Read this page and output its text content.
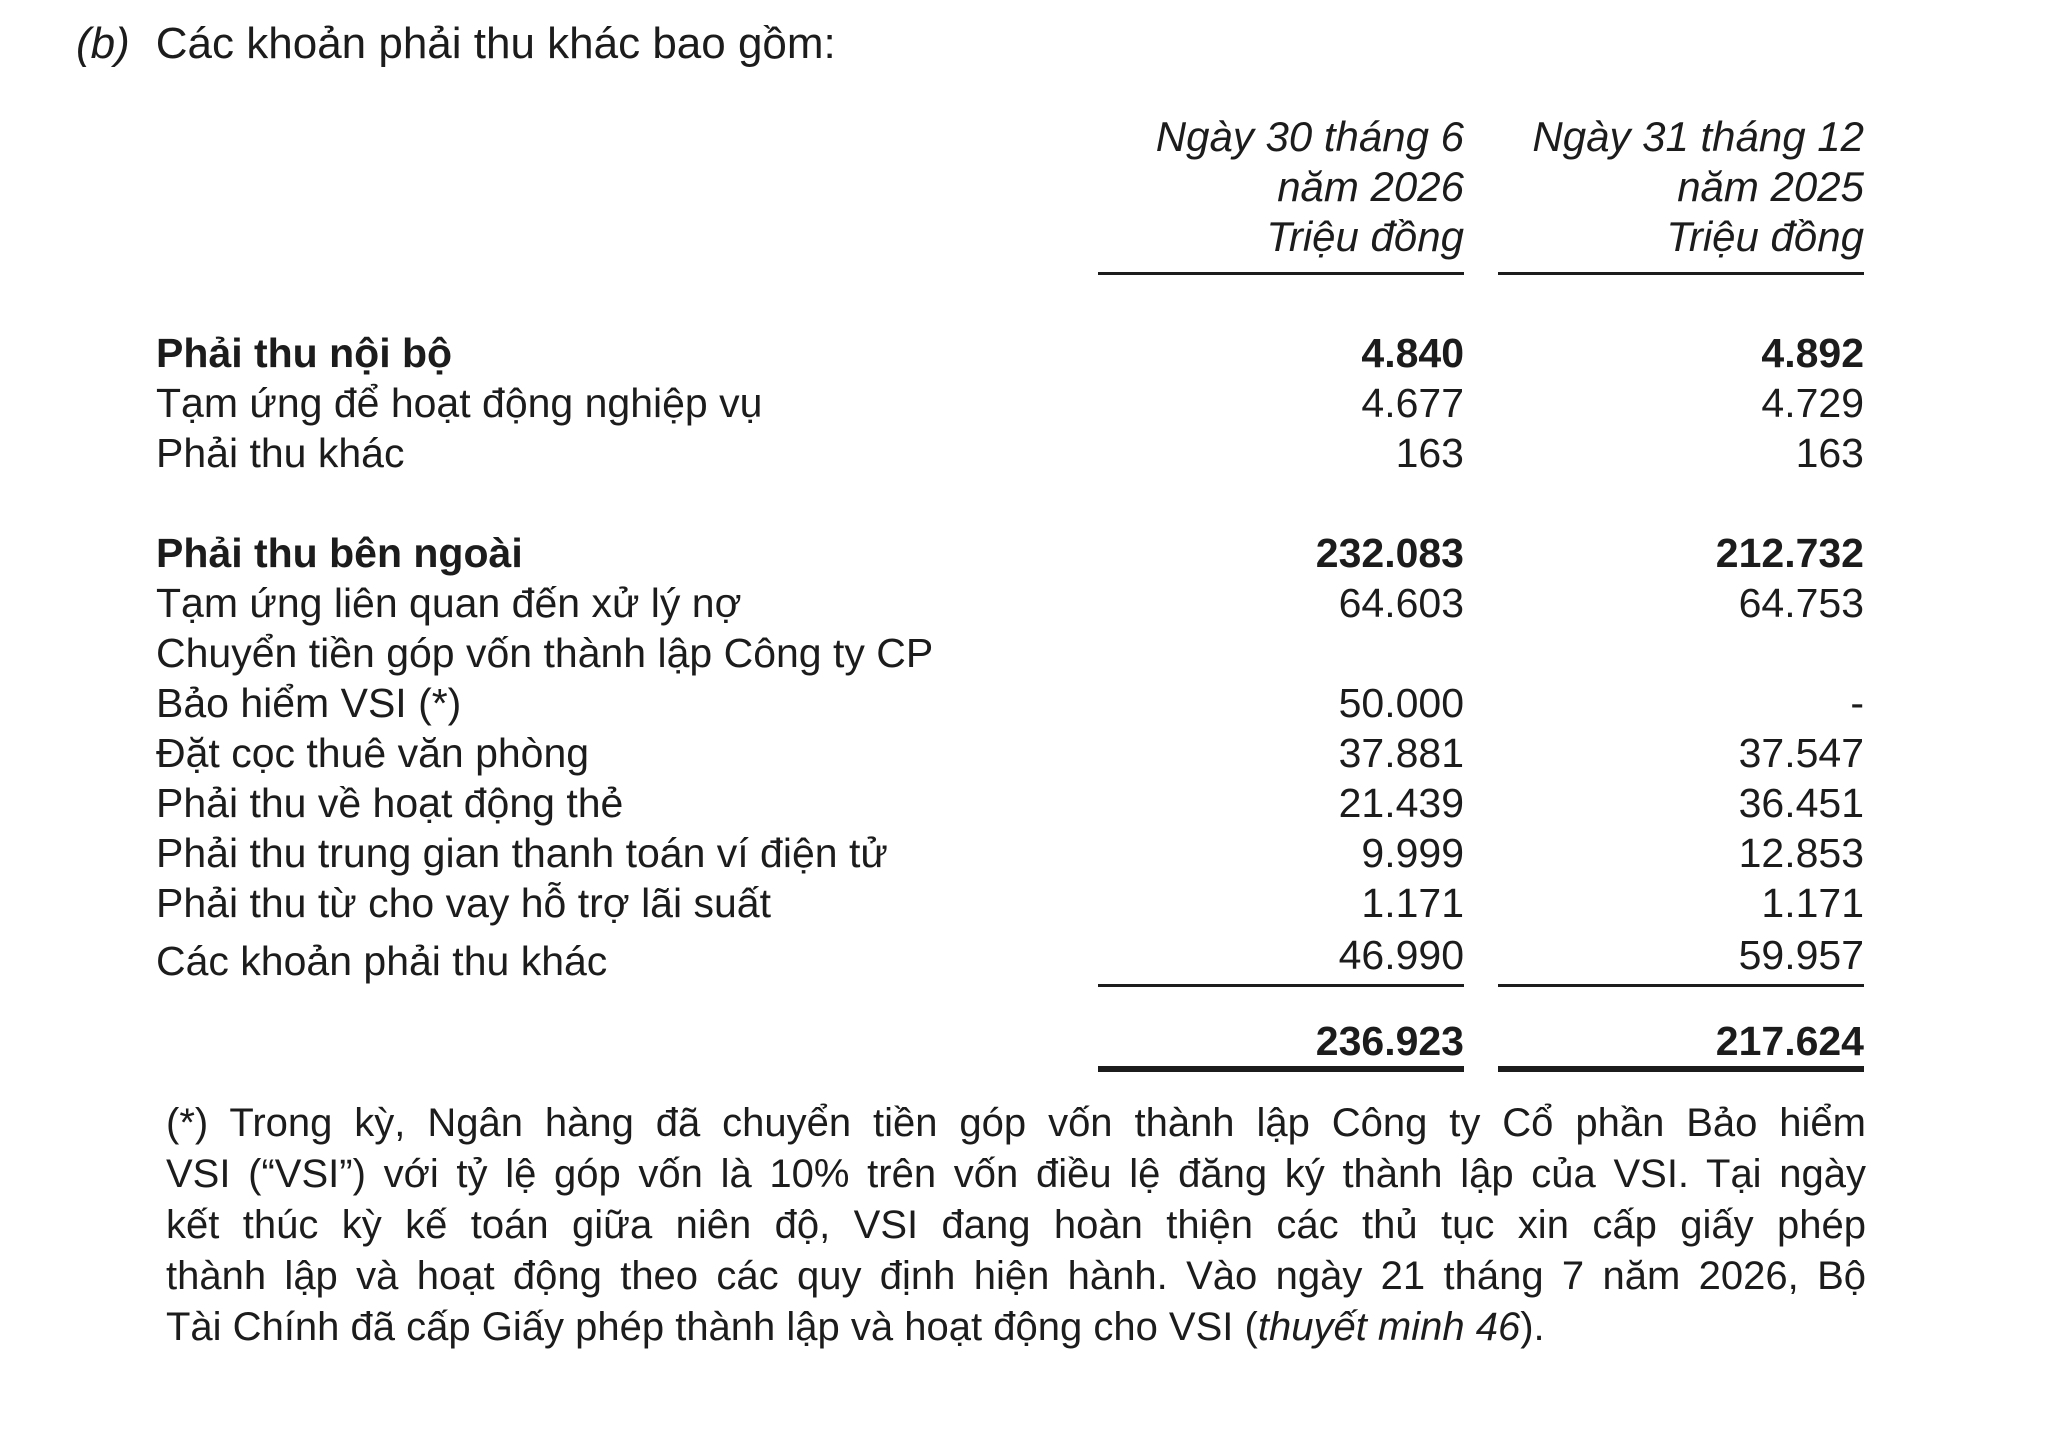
(b) Các khoản phải thu khác bao gồm:
Ngày 30 tháng 6
năm 2026
Triệu đồng
Ngày 31 tháng 12
năm 2025
Triệu đồng
Phải thu nội bộ	4.840	4.892
Tạm ứng để hoạt động nghiệp vụ	4.677	4.729
Phải thu khác	163	163
Phải thu bên ngoài	232.083	212.732
Tạm ứng liên quan đến xử lý nợ	64.603	64.753
Chuyển tiền góp vốn thành lập Công ty CP
Bảo hiểm VSI (*)	50.000	-
Đặt cọc thuê văn phòng	37.881	37.547
Phải thu về hoạt động thẻ	21.439	36.451
Phải thu trung gian thanh toán ví điện tử	9.999	12.853
Phải thu từ cho vay hỗ trợ lãi suất	1.171	1.171
Các khoản phải thu khác	46.990	59.957
236.923	217.624

(*) Trong kỳ, Ngân hàng đã chuyển tiền góp vốn thành lập Công ty Cổ phần Bảo hiểm

VSI (“VSI”) với tỷ lệ góp vốn là 10% trên vốn điều lệ đăng ký thành lập của VSI. Tại ngày

kết thúc kỳ kế toán giữa niên độ, VSI đang hoàn thiện các thủ tục xin cấp giấy phép

thành lập và hoạt động theo các quy định hiện hành. Vào ngày 21 tháng 7 năm 2026, Bộ

Tài Chính đã cấp Giấy phép thành lập và hoạt động cho VSI (thuyết minh 46).
